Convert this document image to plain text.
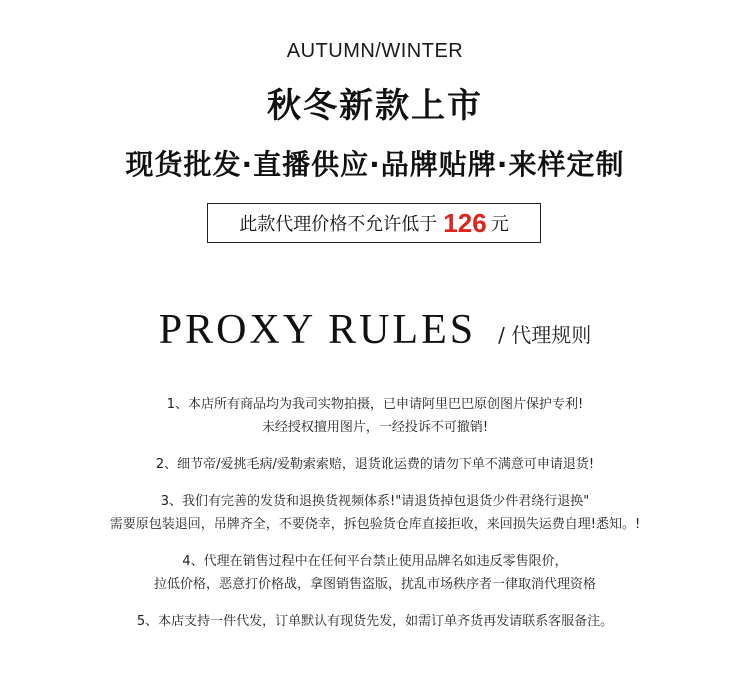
AUTUMN/WINTER
秋冬新款上市
现货批发·直播供应·品牌贴牌·来样定制
此款代理价格不允许低于 126 元
PROXY RULES / 代理规则
1、本店所有商品均为我司实物拍摄，已申请阿里巴巴原创图片保护专利!
未经授权擅用图片，一经投诉不可撤销!
2、细节帝/爱挑毛病/爱勒索索赔，退货讹运费的请勿下单不满意可申请退货!
3、我们有完善的发货和退换货视频体系!"请退货掉包退货少件君绕行退换"
需要原包装退回，吊牌齐全，不要侥幸，拆包验货仓库直接拒收，来回损失运费自理!悉知。!
4、代理在销售过程中在任何平台禁止使用品牌名如违反零售限价，
拉低价格，恶意打价格战，拿图销售盗版，扰乱市场秩序者一律取消代理资格
5、本店支持一件代发，订单默认有现货先发，如需订单齐货再发请联系客服备注。
